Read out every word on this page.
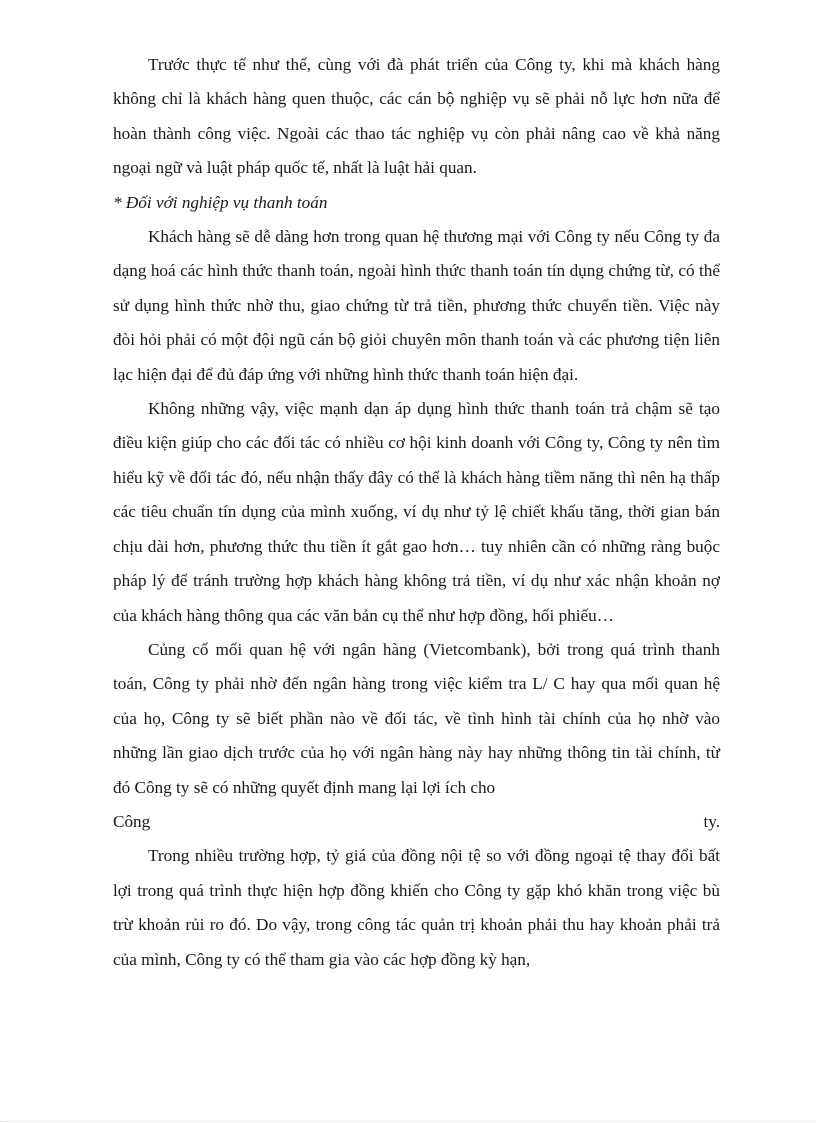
Trước thực tế như thế, cùng với đà phát triển của Công ty, khi mà khách hàng không chỉ là khách hàng quen thuộc, các cán bộ nghiệp vụ sẽ phải nỗ lực hơn nữa để hoàn thành công việc. Ngoài các thao tác nghiệp vụ còn phải nâng cao về khả năng ngoại ngữ và luật pháp quốc tế, nhất là luật hải quan.

* Đối với nghiệp vụ thanh toán

Khách hàng sẽ dễ dàng hơn trong quan hệ thương mại với Công ty nếu Công ty đa dạng hoá các hình thức thanh toán, ngoài hình thức thanh toán tín dụng chứng từ, có thể sử dụng hình thức nhờ thu, giao chứng từ trả tiền, phương thức chuyển tiền. Việc này đòi hỏi phải có một đội ngũ cán bộ giỏi chuyên môn thanh toán và các phương tiện liên lạc hiện đại để đủ đáp ứng với những hình thức thanh toán hiện đại.

Không những vậy, việc mạnh dạn áp dụng hình thức thanh toán trả chậm sẽ tạo điều kiện giúp cho các đối tác có nhiều cơ hội kinh doanh với Công ty, Công ty nên tìm hiểu kỹ về đối tác đó, nếu nhận thấy đây có thể là khách hàng tiềm năng thì nên hạ thấp các tiêu chuẩn tín dụng của mình xuống, ví dụ như tỷ lệ chiết khấu tăng, thời gian bán chịu dài hơn, phương thức thu tiền ít gắt gao hơn… tuy nhiên cần có những ràng buộc pháp lý để tránh trường hợp khách hàng không trả tiền, ví dụ như xác nhận khoản nợ của khách hàng thông qua các văn bản cụ thể như hợp đồng, hối phiếu…

Củng cố mối quan hệ với ngân hàng (Vietcombank), bởi trong quá trình thanh toán, Công ty phải nhờ đến ngân hàng trong việc kiểm tra L/ C hay qua mối quan hệ của họ, Công ty sẽ biết phần nào về đối tác, về tình hình tài chính của họ nhờ vào những lần giao dịch trước của họ với ngân hàng này hay những thông tin tài chính, từ đó Công ty sẽ có những quyết định mang lại lợi ích cho

Công	ty.

Trong nhiều trường hợp, tỷ giá của đồng nội tệ so với đồng ngoại tệ thay đổi bất lợi trong quá trình thực hiện hợp đồng khiến cho Công ty gặp khó khăn trong việc bù trừ khoản rủi ro đó. Do vậy, trong công tác quản trị khoản phải thu hay khoản phải trả của mình, Công ty có thể tham gia vào các hợp đồng kỳ hạn,
